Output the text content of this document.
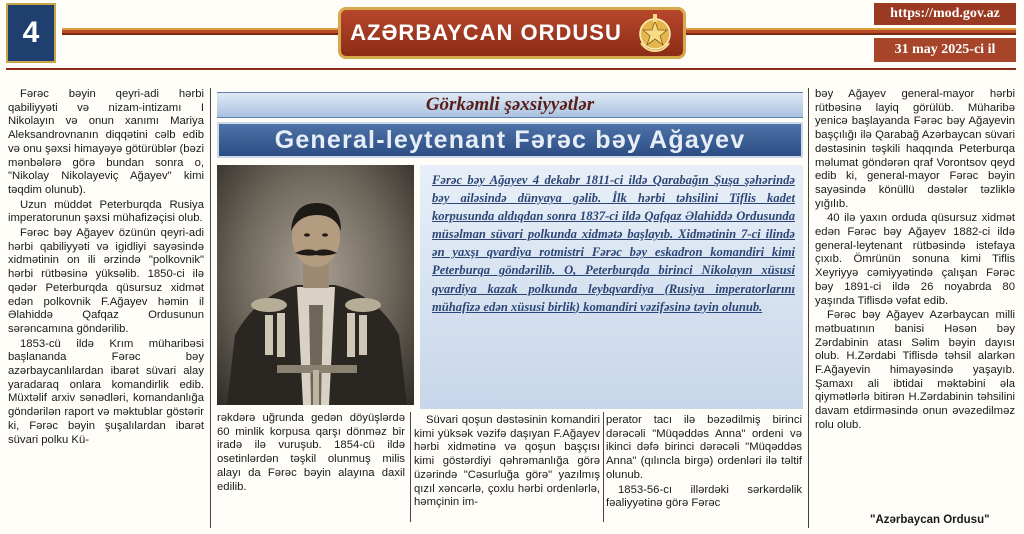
4	AZƏRBAYCAN ORDUSU
https://mod.gov.az
31 may 2025-ci il

Fərəc bəyin qeyri-adi hərbi qabiliyyəti və nizam-intizamı I Nikolayın və onun xanımı Mariya Aleksandrovnanın diqqətini cəlb edib və onu şəxsi himayəyə götürüblər (bəzi mənbələrə görə bundan sonra o, "Nikolay Nikolayeviç Ağayev" kimi təqdim olunub).

Uzun müddət Peterburqda Rusiya imperatorunun şəxsi mühafizəçisi olub.

Fərəc bəy Ağayev özünün qeyri-adi hərbi qabiliyyəti və igidliyi sayəsində xidmətinin on ili ərzində "polkovnik" hərbi rütbəsinə yüksəlib. 1850-ci ilə qədər Peterburqda qüsursuz xidmət edən polkovnik F.Ağayev həmin il Əlahiddə Qafqaz Ordusunun sərəncamına göndərilib.

1853-cü ildə Krım müharibəsi başlananda Fərəc bəy azərbaycanlılardan ibarət süvari alay yaradaraq onlara komandirlik edib. Müxtəlif arxiv sənədləri, komandanlığa göndərilən raport və məktublar göstərir ki, Fərəc bəyin şuşalılardan ibarət süvari polku Kü-

Görkəmli şəxsiyyətlər
General-leytenant Fərəc bəy Ağayev
Fərəc bəy Ağayev 4 dekabr 1811-ci ildə Qarabağın Şuşa şəhərində bəy ailəsində dünyaya gəlib. İlk hərbi təhsilini Tiflis kadet korpusunda aldıqdan sonra 1837-ci ildə Qafqaz Əlahiddə Ordusunda müsəlman süvari polkunda xidmətə başlayıb. Xidmətinin 7-ci ilində ən yaxşı qvardiya rotmistri Fərəc bəy eskadron komandiri kimi Peterburqa göndərilib. O, Peterburqda birinci Nikolayın xüsusi qvardiya kazak polkunda leybqvardiya (Rusiya imperatorlarını mühafizə edən xüsusi birlik) komandiri vəzifəsinə təyin olunub.

rəkdərə uğrunda gedən döyüşlərdə 60 minlik korpusa qarşı dönməz bir iradə ilə vuruşub. 1854-cü ildə osetinlərdən təşkil olunmuş milis alayı da Fərəc bəyin alayına daxil edilib.

Süvari qoşun dəstəsinin komandiri kimi yüksək vəzifə daşıyan F.Ağayev hərbi xidmətinə və qoşun başçısı kimi göstərdiyi qəhrəmanlığa görə üzərində "Cəsurluğa görə" yazılmış qızıl xəncərlə, çoxlu hərbi ordenlərlə, həmçinin im-

perator tacı ilə bəzədilmiş birinci dərəcəli "Müqəddəs Anna" ordeni və ikinci dəfə birinci dərəcəli "Müqəddəs Anna" (qılıncla birgə) ordenləri ilə təltif olunub.

1853-56-cı illərdəki sərkərdəlik fəaliyyətinə görə Fərəc

bəy Ağayev general-mayor hərbi rütbəsinə layiq görülüb. Müharibə yenicə başlayanda Fərəc bəy Ağayevin başçılığı ilə Qarabağ Azərbaycan süvari dəstəsinin təşkili haqqında Peterburqa məlumat göndərən qraf Vorontsov qeyd edib ki, general-mayor Fərəc bəyin sayəsində könüllü dəstələr təzliklə yığılıb.

40 ilə yaxın orduda qüsursuz xidmət edən Fərəc bəy Ağayev 1882-ci ildə general-leytenant rütbəsində istefaya çıxıb. Ömrünün sonuna kimi Tiflis Xeyriyyə cəmiyyətində çalışan Fərəc bəy 1891-ci ildə 26 noyabrda 80 yaşında Tiflisdə vəfat edib.

Fərəc bəy Ağayev Azərbaycan milli mətbuatının banisi Həsən bəy Zərdabinin atası Səlim bəyin dayısı olub. H.Zərdabi Tiflisdə təhsil alarkən F.Ağayevin himayəsində yaşayıb. Şamaxı ali ibtidai məktəbini əla qiymətlərlə bitirən H.Zərdabinin təhsilini davam etdirməsində onun əvəzedilməz rolu olub.

"Azərbaycan Ordusu"
